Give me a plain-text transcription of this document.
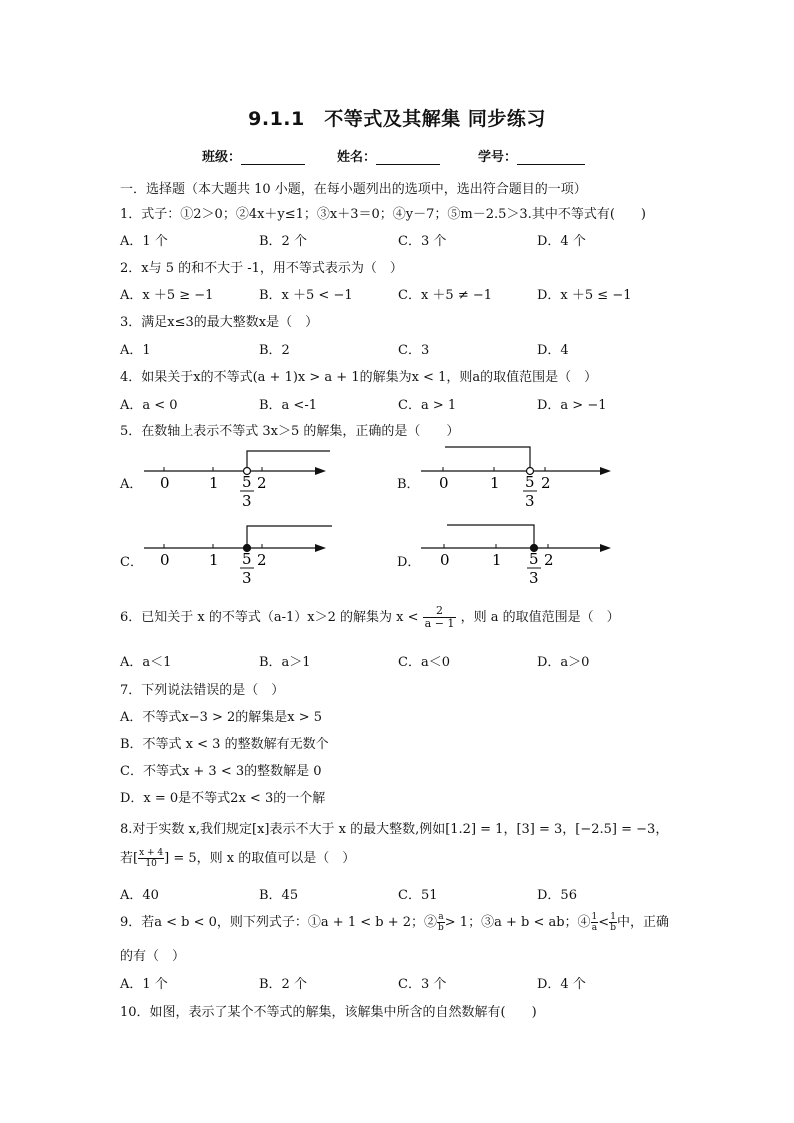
9.1.1　不等式及其解集 同步练习
班级：	姓名：	学号：
一．选择题（本大题共 10 小题，在每小题列出的选项中，选出符合题目的一项）
1．式子：①2＞0；②4x＋y≤1；③x＋3＝0；④y－7；⑤m－2.5＞3.其中不等式有(　　)
A．1 个	B．2 个	C．3 个	D．4 个
2．x与 5 的和不大于 -1，用不等式表示为（　）
A．x ＋5 ≥ −1	B．x ＋5 < −1	C．x ＋5 ≠ −1	D．x ＋5 ≤ −1
3．满足x≤3的最大整数x是（　）
A．1	B．2	C．3	D．4
4．如果关于x的不等式(a + 1)x > a + 1的解集为x < 1，则a的取值范围是（　）
A．a < 0	B．a <-1	C．a > 1	D．a > −1
5．在数轴上表示不等式 3x＞5 的解集，正确的是（　　）
A．	B．
C．	D．
0	1	2
5
3
0	1	2
5
3
0	1	2
5
3
0	1	2
5
3
6．已知关于 x 的不等式（a-1）x＞2 的解集为 $x < \frac{2}{a - 1}$ ，则 a 的取值范围是（　）
A．a＜1	B．a＞1	C．a＜0	D．a＞0
7．下列说法错误的是（　）
A．不等式x−3 > 2的解集是x > 5
B．不等式 x < 3 的整数解有无数个
C．不等式x + 3 < 3的整数解是 0
D．x = 0是不等式2x < 3的一个解
8.对于实数 x,我们规定[x]表示不大于 x 的最大整数,例如[1.2] = 1，[3] = 3，[−2.5] = −3，
若[ $\frac{x + 4}{10}$ ] = 5，则 x 的取值可以是（　）
A．40	B．45	C．51	D．56
9．若a < b < 0，则下列式子：①a + 1 < b + 2；② $\frac{a}{b} > 1$；③a + b < ab；④ $\frac{1}{a} < \frac{1}{b}$ 中，正确
的有（　）
A．1 个	B．2 个	C．3 个	D．4 个
10．如图，表示了某个不等式的解集，该解集中所含的自然数解有(　　)
